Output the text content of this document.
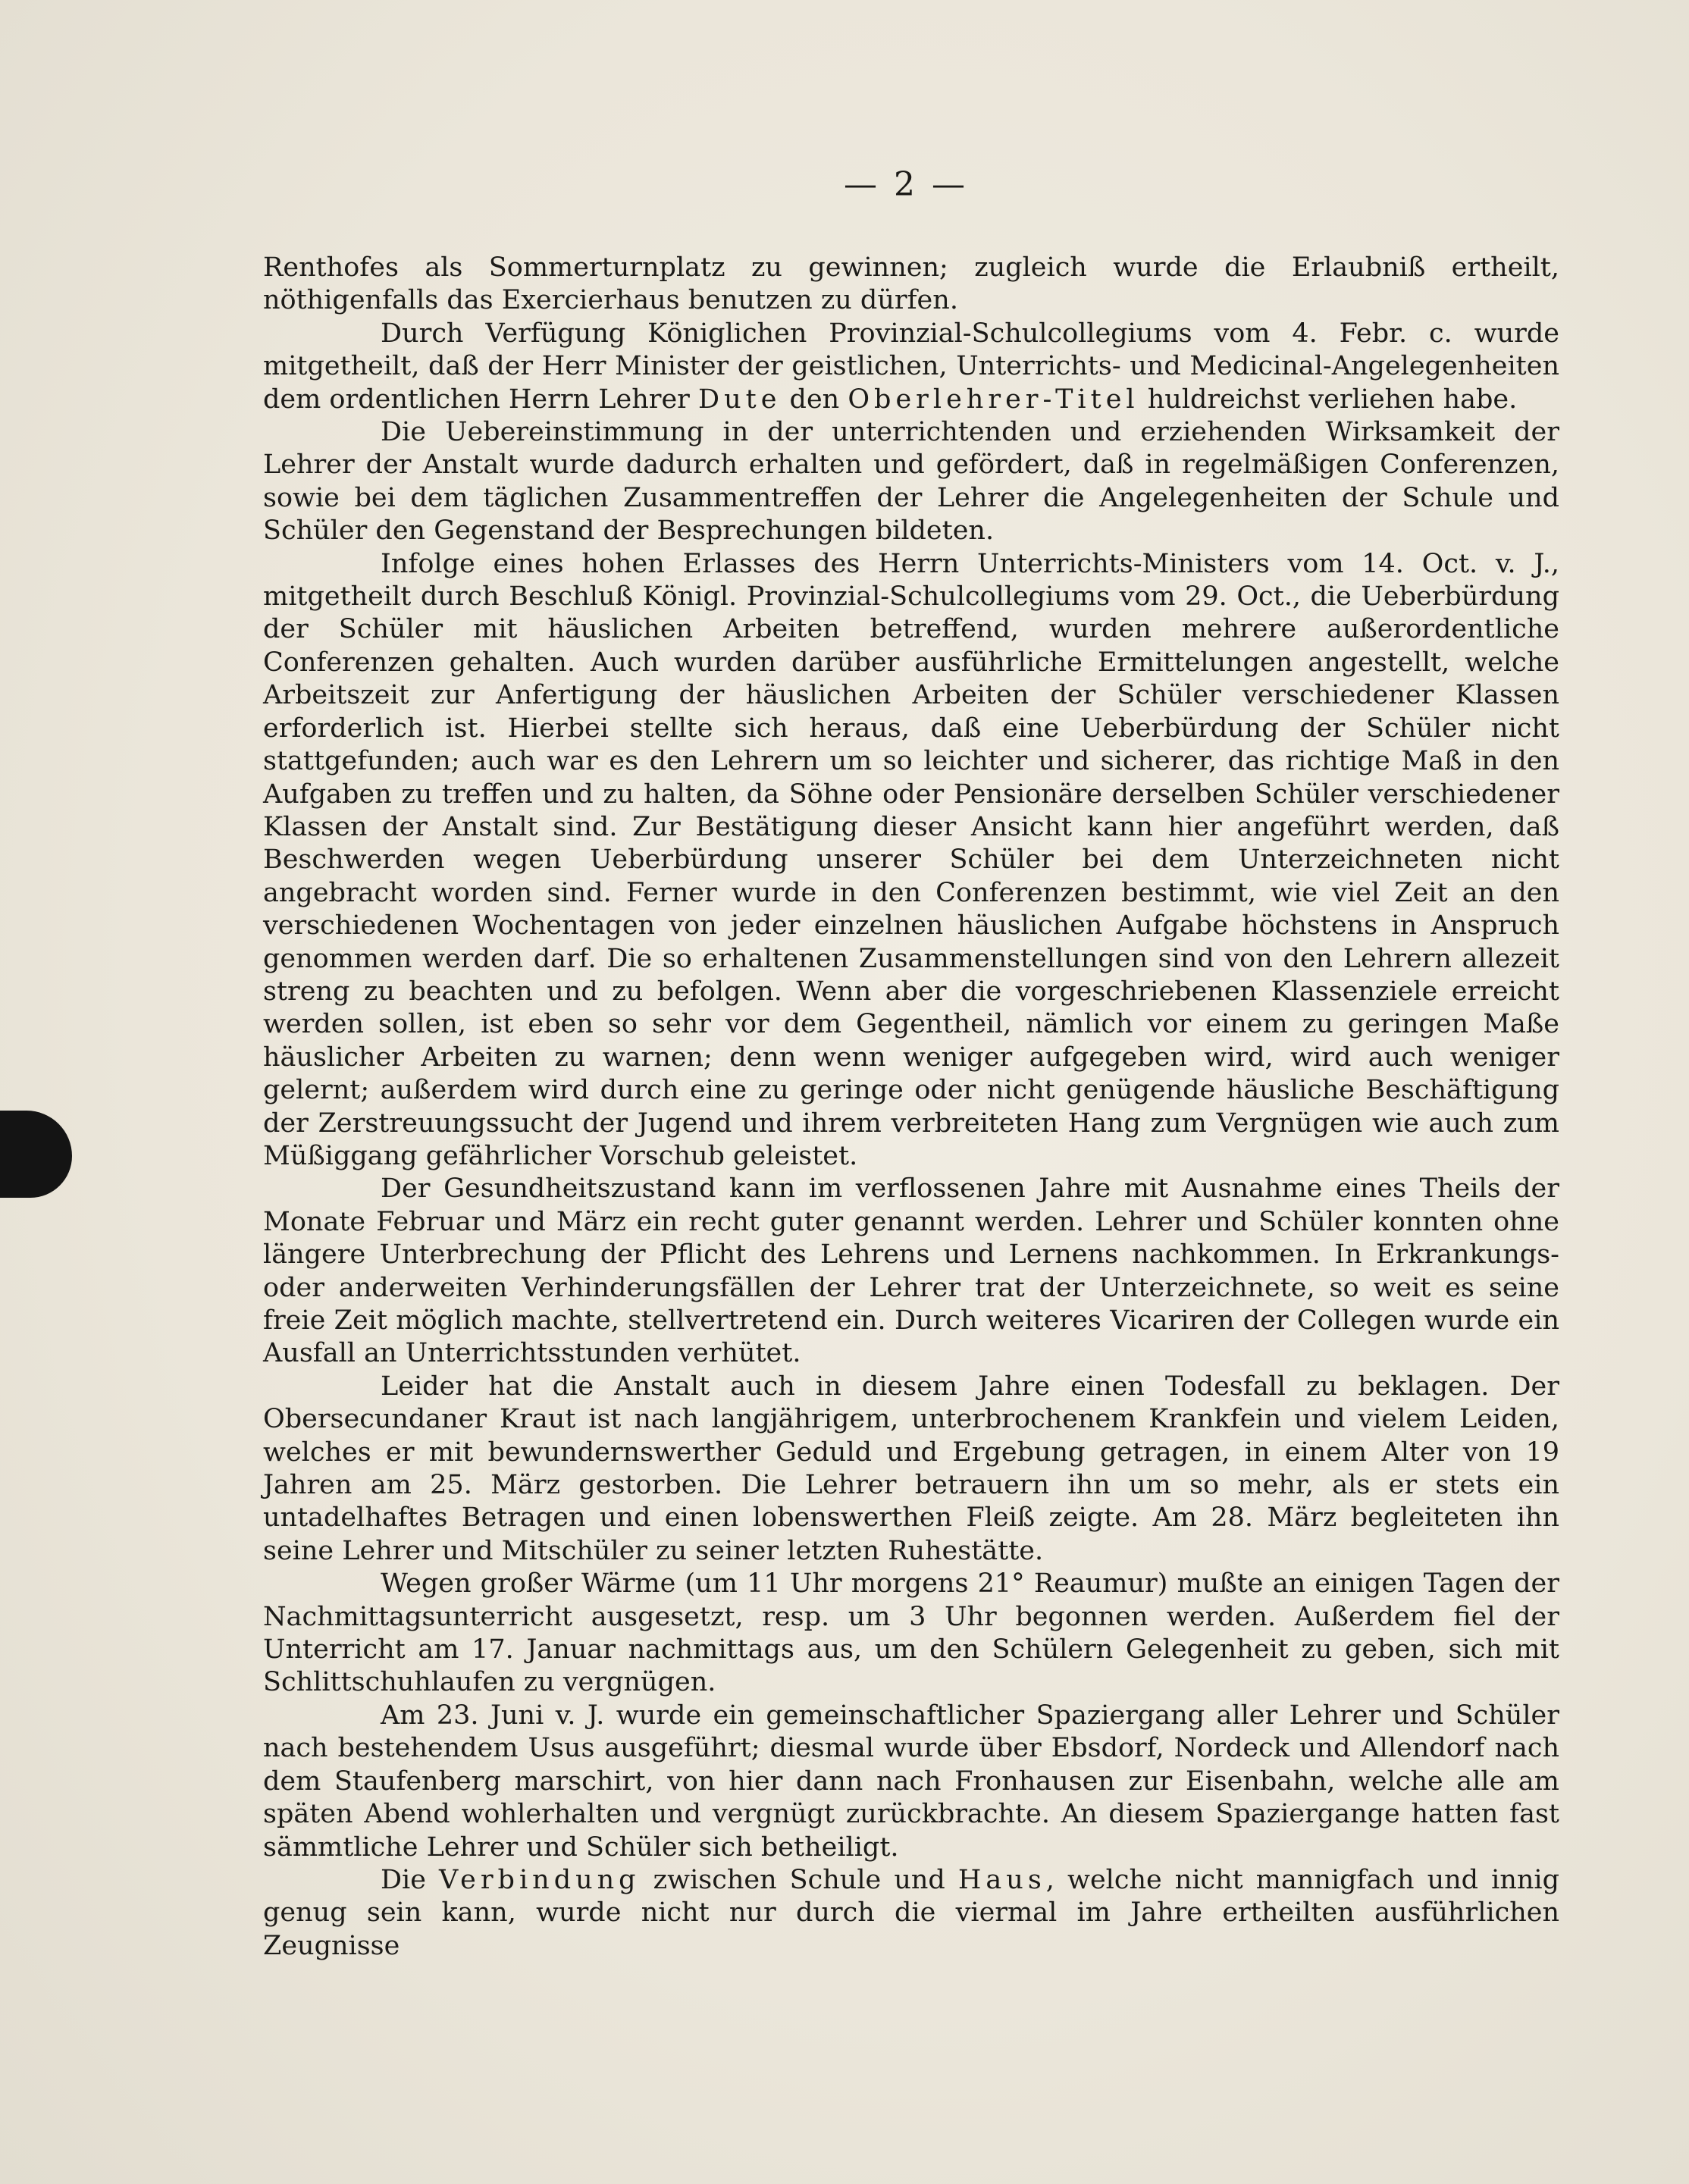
— 2 —

Renthofes als Sommerturnplatz zu gewinnen; zugleich wurde die Erlaubniß ertheilt, nöthigenfalls das Exercierhaus benutzen zu dürfen.

Durch Verfügung Königlichen Provinzial-Schulcollegiums vom 4. Febr. c. wurde mitgetheilt, daß der Herr Minister der geistlichen, Unterrichts- und Medicinal-Angelegenheiten dem ordentlichen Herrn Lehrer Dute den Oberlehrer-Titel huldreichst verliehen habe.

Die Uebereinstimmung in der unterrichtenden und erziehenden Wirksamkeit der Lehrer der Anstalt wurde dadurch erhalten und gefördert, daß in regelmäßigen Conferenzen, sowie bei dem täglichen Zusammentreffen der Lehrer die Angelegenheiten der Schule und Schüler den Gegenstand der Besprechungen bildeten.

Infolge eines hohen Erlasses des Herrn Unterrichts-Ministers vom 14. Oct. v. J., mitgetheilt durch Beschluß Königl. Provinzial-Schulcollegiums vom 29. Oct., die Ueberbürdung der Schüler mit häuslichen Arbeiten betreffend, wurden mehrere außerordentliche Conferenzen gehalten. Auch wurden darüber ausführliche Ermittelungen angestellt, welche Arbeitszeit zur Anfertigung der häuslichen Arbeiten der Schüler verschiedener Klassen erforderlich ist. Hierbei stellte sich heraus, daß eine Ueberbürdung der Schüler nicht stattgefunden; auch war es den Lehrern um so leichter und sicherer, das richtige Maß in den Aufgaben zu treffen und zu halten, da Söhne oder Pensionäre derselben Schüler verschiedener Klassen der Anstalt sind. Zur Bestätigung dieser Ansicht kann hier angeführt werden, daß Beschwerden wegen Ueberbürdung unserer Schüler bei dem Unterzeichneten nicht angebracht worden sind. Ferner wurde in den Conferenzen bestimmt, wie viel Zeit an den verschiedenen Wochentagen von jeder einzelnen häuslichen Aufgabe höchstens in Anspruch genommen werden darf. Die so erhaltenen Zusammenstellungen sind von den Lehrern allezeit streng zu beachten und zu befolgen. Wenn aber die vorgeschriebenen Klassenziele erreicht werden sollen, ist eben so sehr vor dem Gegentheil, nämlich vor einem zu geringen Maße häuslicher Arbeiten zu warnen; denn wenn weniger aufgegeben wird, wird auch weniger gelernt; außerdem wird durch eine zu geringe oder nicht genügende häusliche Beschäftigung der Zerstreuungssucht der Jugend und ihrem verbreiteten Hang zum Vergnügen wie auch zum Müßiggang gefährlicher Vorschub geleistet.

Der Gesundheitszustand kann im verflossenen Jahre mit Ausnahme eines Theils der Monate Februar und März ein recht guter genannt werden. Lehrer und Schüler konnten ohne längere Unterbrechung der Pflicht des Lehrens und Lernens nachkommen. In Erkrankungs- oder anderweiten Verhinderungsfällen der Lehrer trat der Unterzeichnete, so weit es seine freie Zeit möglich machte, stellvertretend ein. Durch weiteres Vicariren der Collegen wurde ein Ausfall an Unterrichtsstunden verhütet.

Leider hat die Anstalt auch in diesem Jahre einen Todesfall zu beklagen. Der Obersecundaner Kraut ist nach langjährigem, unterbrochenem Krankfein und vielem Leiden, welches er mit bewundernswerther Geduld und Ergebung getragen, in einem Alter von 19 Jahren am 25. März gestorben. Die Lehrer betrauern ihn um so mehr, als er stets ein untadelhaftes Betragen und einen lobenswerthen Fleiß zeigte. Am 28. März begleiteten ihn seine Lehrer und Mitschüler zu seiner letzten Ruhestätte.

Wegen großer Wärme (um 11 Uhr morgens 21° Reaumur) mußte an einigen Tagen der Nachmittagsunterricht ausgesetzt, resp. um 3 Uhr begonnen werden. Außerdem fiel der Unterricht am 17. Januar nachmittags aus, um den Schülern Gelegenheit zu geben, sich mit Schlittschuhlaufen zu vergnügen.

Am 23. Juni v. J. wurde ein gemeinschaftlicher Spaziergang aller Lehrer und Schüler nach bestehendem Usus ausgeführt; diesmal wurde über Ebsdorf, Nordeck und Allendorf nach dem Staufenberg marschirt, von hier dann nach Fronhausen zur Eisenbahn, welche alle am späten Abend wohlerhalten und vergnügt zurückbrachte. An diesem Spaziergange hatten fast sämmtliche Lehrer und Schüler sich betheiligt.

Die Verbindung zwischen Schule und Haus, welche nicht mannigfach und innig genug sein kann, wurde nicht nur durch die viermal im Jahre ertheilten ausführlichen Zeugnisse
